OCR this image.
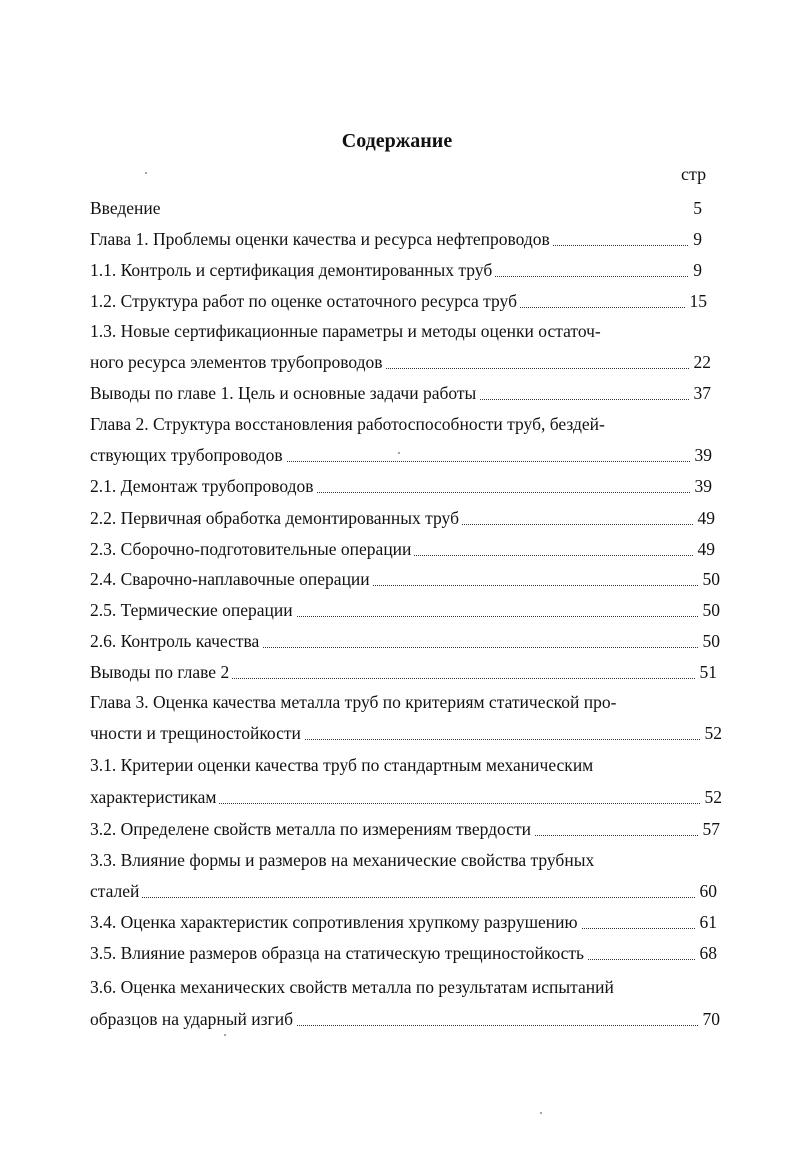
Содержание
стр
Введение	5
Глава 1. Проблемы оценки качества и ресурса нефтепроводов	9
1.1. Контроль и сертификация демонтированных труб	9
1.2. Структура работ по оценке остаточного ресурса труб	15
1.3. Новые сертификационные параметры и методы оценки остаточ-
ного ресурса элементов трубопроводов	22
Выводы по главе 1. Цель и основные задачи работы	37
Глава 2. Структура восстановления работоспособности труб, бездей-
ствующих трубопроводов	39
2.1. Демонтаж трубопроводов	39
2.2. Первичная обработка демонтированных труб	49
2.3. Сборочно-подготовительные операции	49
2.4. Сварочно-наплавочные операции	50
2.5. Термические операции	50
2.6. Контроль качества	50
Выводы по главе 2	51
Глава 3. Оценка качества металла труб по критериям статической про-
чности и трещиностойкости	52
3.1. Критерии оценки качества труб по стандартным механическим
характеристикам	52
3.2. Определене свойств металла по измерениям твердости	57
3.3. Влияние формы и размеров на механические свойства трубных
сталей	60
3.4. Оценка характеристик сопротивления хрупкому разрушению	61
3.5. Влияние размеров образца на статическую трещиностойкость	68
3.6. Оценка механических свойств металла по результатам испытаний
образцов на ударный изгиб	70
